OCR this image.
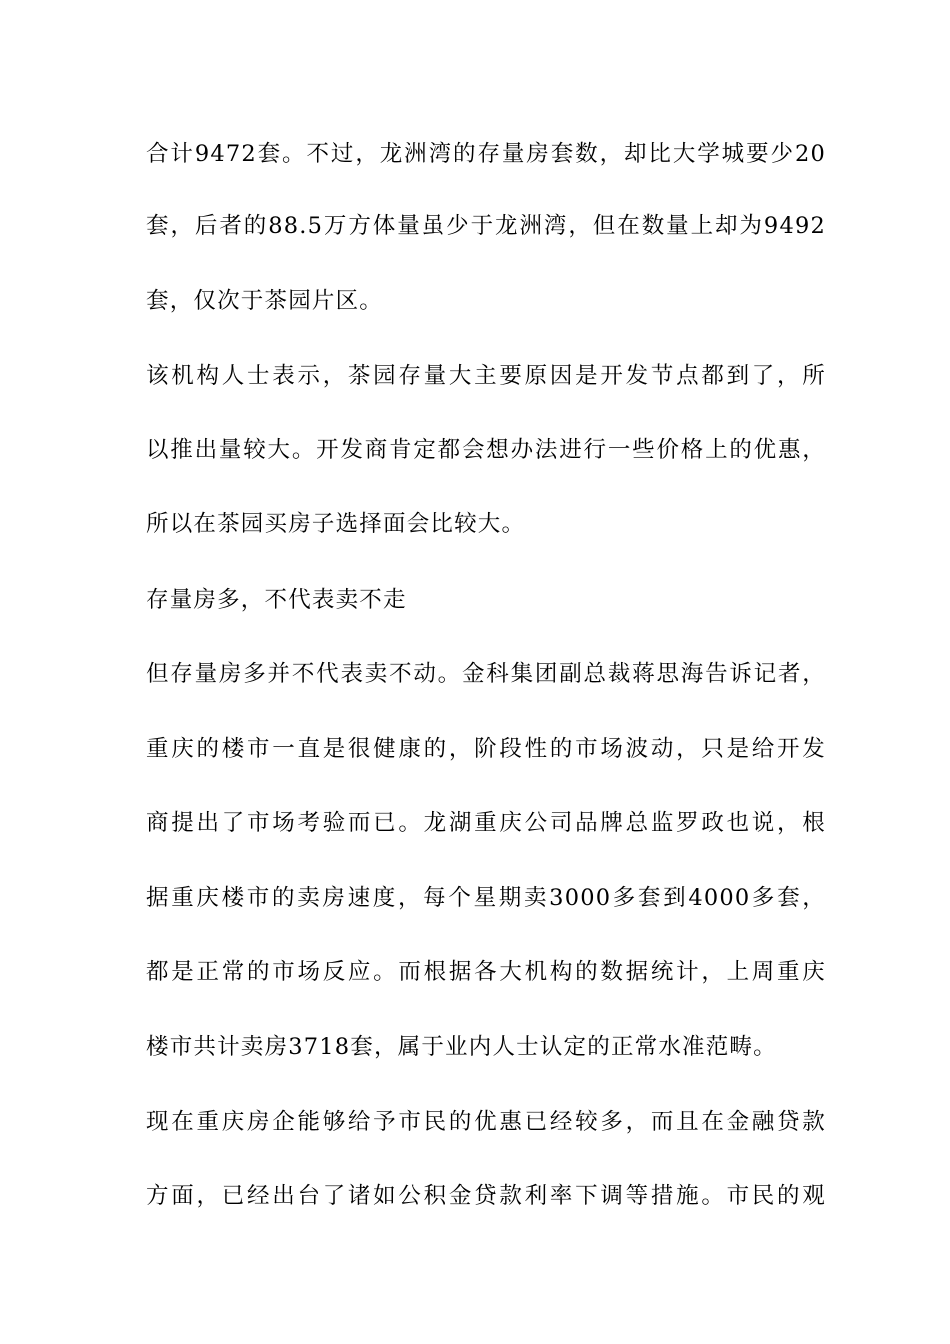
合计9472套。不过，龙洲湾的存量房套数，却比大学城要少20
套，后者的88.5万方体量虽少于龙洲湾，但在数量上却为9492
套，仅次于茶园片区。
该机构人士表示，茶园存量大主要原因是开发节点都到了，所
以推出量较大。开发商肯定都会想办法进行一些价格上的优惠，
所以在茶园买房子选择面会比较大。
存量房多，不代表卖不走
但存量房多并不代表卖不动。金科集团副总裁蒋思海告诉记者，
重庆的楼市一直是很健康的，阶段性的市场波动，只是给开发
商提出了市场考验而已。龙湖重庆公司品牌总监罗政也说，根
据重庆楼市的卖房速度，每个星期卖3000多套到4000多套，
都是正常的市场反应。而根据各大机构的数据统计，上周重庆
楼市共计卖房3718套，属于业内人士认定的正常水准范畴。
现在重庆房企能够给予市民的优惠已经较多，而且在金融贷款
方面，已经出台了诸如公积金贷款利率下调等措施。市民的观
